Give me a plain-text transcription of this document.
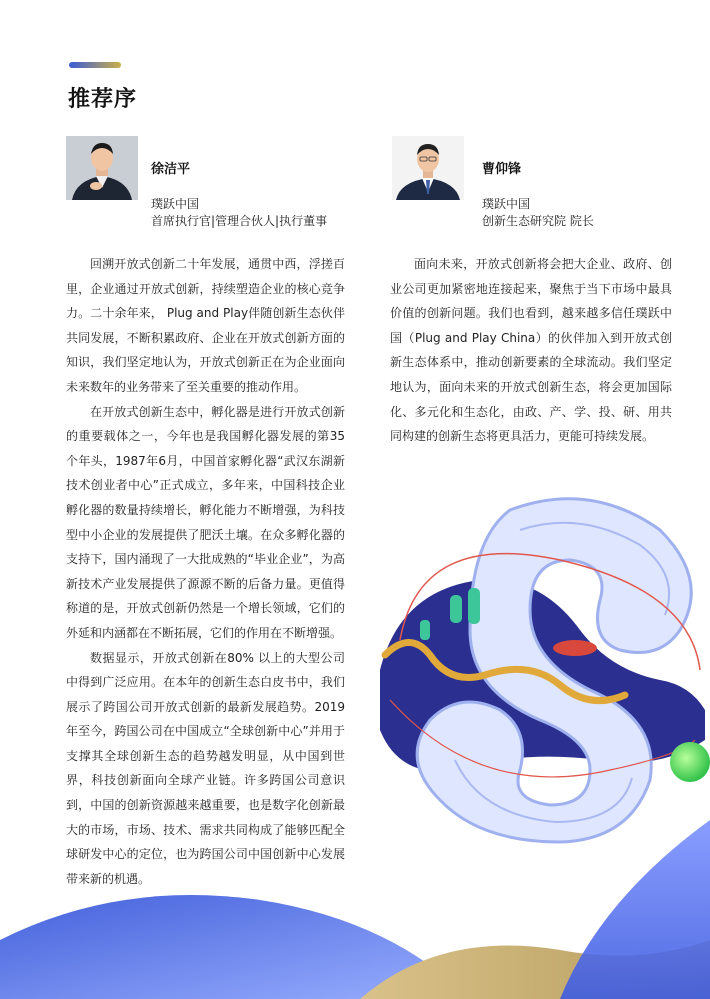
推荐序
徐洁平
璞跃中国
首席执行官|管理合伙人|执行董事
曹仰锋
璞跃中国
创新生态研究院 院长

回溯开放式创新二十年发展，通贯中西，浮搓百里，企业通过开放式创新，持续塑造企业的核心竞争力。二十余年来， Plug and Play伴随创新生态伙伴共同发展，不断积累政府、企业在开放式创新方面的知识，我们坚定地认为，开放式创新正在为企业面向未来数年的业务带来了至关重要的推动作用。

在开放式创新生态中，孵化器是进行开放式创新的重要载体之一，今年也是我国孵化器发展的第35个年头，1987年6月，中国首家孵化器“武汉东湖新技术创业者中心”正式成立，多年来，中国科技企业孵化器的数量持续增长，孵化能力不断增强，为科技型中小企业的发展提供了肥沃土壤。在众多孵化器的支持下，国内涌现了一大批成熟的“毕业企业”，为高新技术产业发展提供了源源不断的后备力量。更值得称道的是，开放式创新仍然是一个增长领域，它们的外延和内涵都在不断拓展，它们的作用在不断增强。

数据显示，开放式创新在80% 以上的大型公司中得到广泛应用。在本年的创新生态白皮书中，我们展示了跨国公司开放式创新的最新发展趋势。2019年至今，跨国公司在中国成立“全球创新中心”并用于支撑其全球创新生态的趋势越发明显，从中国到世界，科技创新面向全球产业链。许多跨国公司意识到，中国的创新资源越来越重要，也是数字化创新最大的市场，市场、技术、需求共同构成了能够匹配全球研发中心的定位，也为跨国公司中国创新中心发展带来新的机遇。

面向未来，开放式创新将会把大企业、政府、创业公司更加紧密地连接起来，聚焦于当下市场中最具价值的创新问题。我们也看到，越来越多信任璞跃中国（Plug and Play China）的伙伴加入到开放式创新生态体系中，推动创新要素的全球流动。我们坚定地认为，面向未来的开放式创新生态，将会更加国际化、多元化和生态化，由政、产、学、投、研、用共同构建的创新生态将更具活力，更能可持续发展。
